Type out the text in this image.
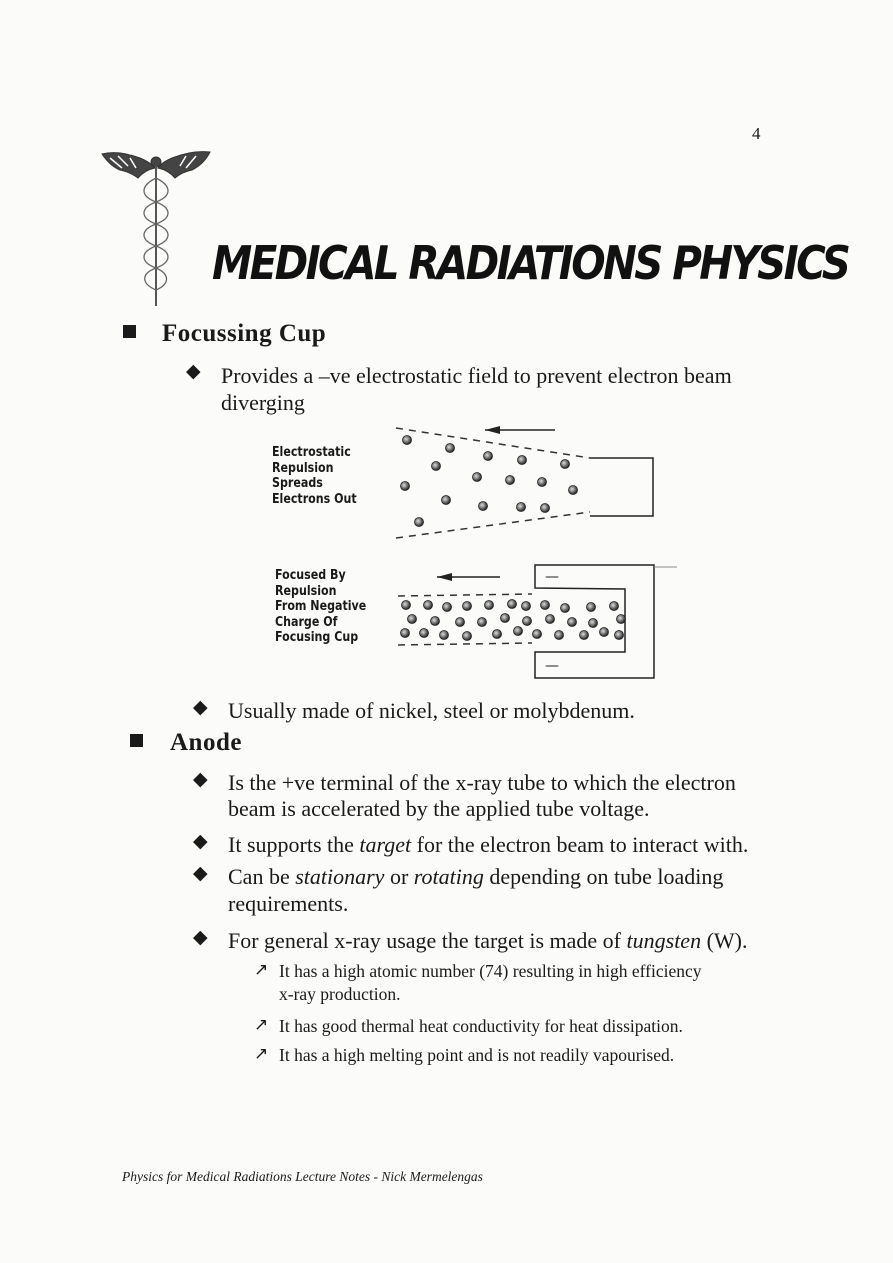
4
MEDICAL RADIATIONS PHYSICS
Focussing Cup
◆ Provides a –ve electrostatic field to prevent electron beam
diverging
Electrostatic
Repulsion
Spreads
Electrons Out
Focused By
Repulsion
From Negative
Charge Of
Focusing Cup
—
—
◆ Usually made of nickel, steel or molybdenum.
Anode
◆ Is the +ve terminal of the x-ray tube to which the electron
beam is accelerated by the applied tube voltage.
◆ It supports the target for the electron beam to interact with.
◆ Can be stationary or rotating depending on tube loading
requirements.
◆ For general x-ray usage the target is made of tungsten (W).
↗ It has a high atomic number (74) resulting in high efficiency
x-ray production.
↗ It has good thermal heat conductivity for heat dissipation.
↗ It has a high melting point and is not readily vapourised.
Physics for Medical Radiations Lecture Notes - Nick Mermelengas
